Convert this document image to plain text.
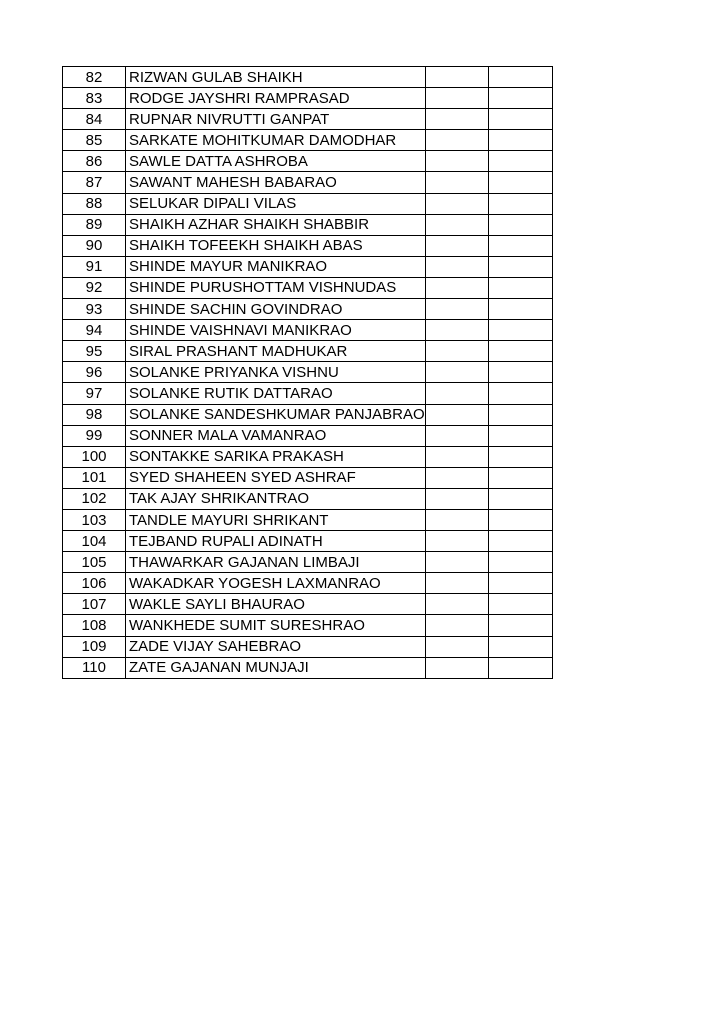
82	RIZWAN GULAB SHAIKH		
83	RODGE JAYSHRI RAMPRASAD		
84	RUPNAR NIVRUTTI GANPAT		
85	SARKATE MOHITKUMAR DAMODHAR		
86	SAWLE DATTA ASHROBA		
87	SAWANT MAHESH BABARAO		
88	SELUKAR DIPALI VILAS		
89	SHAIKH AZHAR SHAIKH SHABBIR		
90	SHAIKH TOFEEKH SHAIKH ABAS		
91	SHINDE MAYUR MANIKRAO		
92	SHINDE PURUSHOTTAM VISHNUDAS		
93	SHINDE SACHIN GOVINDRAO		
94	SHINDE VAISHNAVI MANIKRAO		
95	SIRAL PRASHANT MADHUKAR		
96	SOLANKE PRIYANKA VISHNU		
97	SOLANKE RUTIK DATTARAO		
98	SOLANKE SANDESHKUMAR PANJABRAO		
99	SONNER MALA VAMANRAO		
100	SONTAKKE SARIKA PRAKASH		
101	SYED SHAHEEN SYED ASHRAF		
102	TAK AJAY SHRIKANTRAO		
103	TANDLE MAYURI SHRIKANT		
104	TEJBAND RUPALI ADINATH		
105	THAWARKAR GAJANAN LIMBAJI		
106	WAKADKAR YOGESH LAXMANRAO		
107	WAKLE SAYLI BHAURAO		
108	WANKHEDE SUMIT SURESHRAO		
109	ZADE VIJAY SAHEBRAO		
110	ZATE GAJANAN MUNJAJI		
